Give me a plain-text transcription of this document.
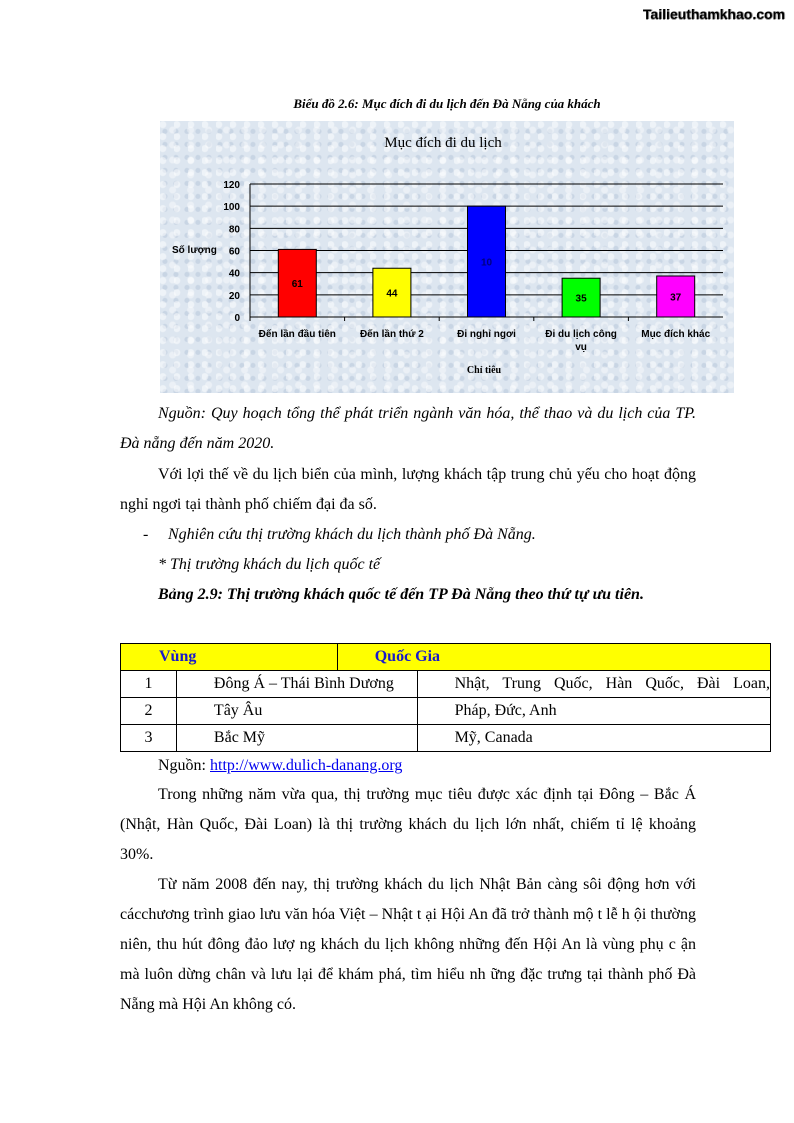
Tailieuthamkhao.com
Biểu đồ 2.6: Mục đích đi du lịch đến Đà Nẵng của khách
Mục đích đi du lịch
0
20
40
60
80
100
120
Số lượng
61
Đến lần đầu tiên
44
Đến lần thứ 2
10
Đi nghỉ ngơi
35
Đi du lịch công
vụ
37
Mục đích khác
Chỉ tiêu

Nguồn: Quy hoạch tổng thể phát triển ngành văn hóa, thể thao và du lịch của TP. Đà nẵng đến năm 2020.

Với lợi thế về du lịch biển của mình, lượng khách tập trung chủ yếu cho hoạt động nghỉ ngơi tại thành phố chiếm đại đa số.

- Nghiên cứu thị trường khách du lịch thành phố Đà Nẵng.

* Thị trường khách du lịch quốc tế

Bảng 2.9: Thị trường khách quốc tế đến TP Đà Nẵng theo thứ tự ưu tiên.

Vùng		Quốc Gia	
1	Đông Á – Thái Bình Dương		Nhật, Trung Quốc, Hàn Quốc, Đài Loan,
2	Tây Âu		Pháp, Đức, Anh
3	Bắc Mỹ		Mỹ, Canada

Nguồn: http://www.dulich-danang.org

Trong những năm vừa qua, thị trường mục tiêu được xác định tại Đông – Bắc Á (Nhật, Hàn Quốc, Đài Loan) là thị trường khách du lịch lớn nhất, chiếm tỉ lệ khoảng 30%.

Từ năm 2008 đến nay, thị trường khách du lịch Nhật Bản càng sôi động hơn với cácchương trình giao lưu văn hóa Việt – Nhật t ại Hội An đã trở thành mộ t lễ h ội thường niên, thu hút đông đảo lượ ng khách du lịch không những đến Hội An là vùng phụ c ận mà luôn dừng chân và lưu lại để khám phá, tìm hiểu nh ững đặc trưng tại thành phố Đà Nẵng mà Hội An không có.
